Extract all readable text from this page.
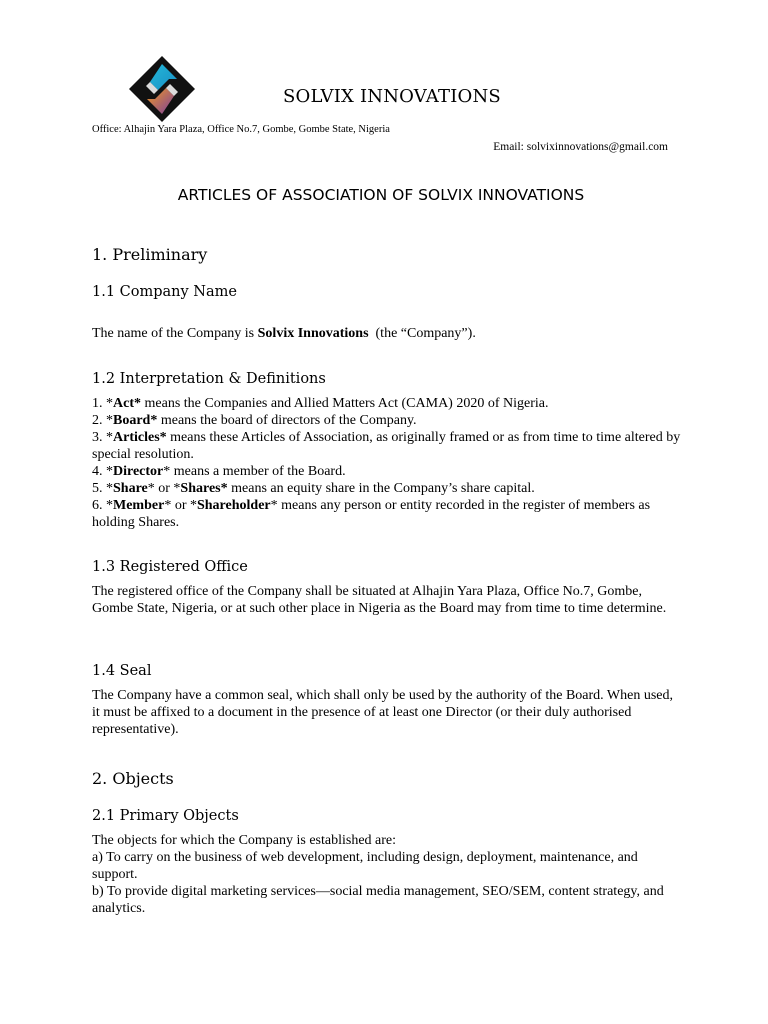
SOLVIX INNOVATIONS
Office: Alhajin Yara Plaza, Office No.7, Gombe, Gombe State, Nigeria
Email: solvixinnovations@gmail.com
ARTICLES OF ASSOCIATION OF SOLVIX INNOVATIONS
1. Preliminary
1.1 Company Name
The name of the Company is Solvix Innovations  (the “Company”).
1.2 Interpretation & Definitions

1. *Act* means the Companies and Allied Matters Act (CAMA) 2020 of Nigeria.

2. *Board* means the board of directors of the Company.

3. *Articles* means these Articles of Association, as originally framed or as from time to time altered by special resolution.

4. *Director* means a member of the Board.

5. *Share* or *Shares* means an equity share in the Company’s share capital.

6. *Member* or *Shareholder* means any person or entity recorded in the register of members as holding Shares.

1.3 Registered Office
The registered office of the Company shall be situated at Alhajin Yara Plaza, Office No.7, Gombe, Gombe State, Nigeria, or at such other place in Nigeria as the Board may from time to time determine.
1.4 Seal
The Company have a common seal, which shall only be used by the authority of the Board. When used, it must be affixed to a document in the presence of at least one Director (or their duly authorised representative).
2. Objects
2.1 Primary Objects

The objects for which the Company is established are:

a) To carry on the business of web development, including design, deployment, maintenance, and support.

b) To provide digital marketing services—social media management, SEO/SEM, content strategy, and analytics.
